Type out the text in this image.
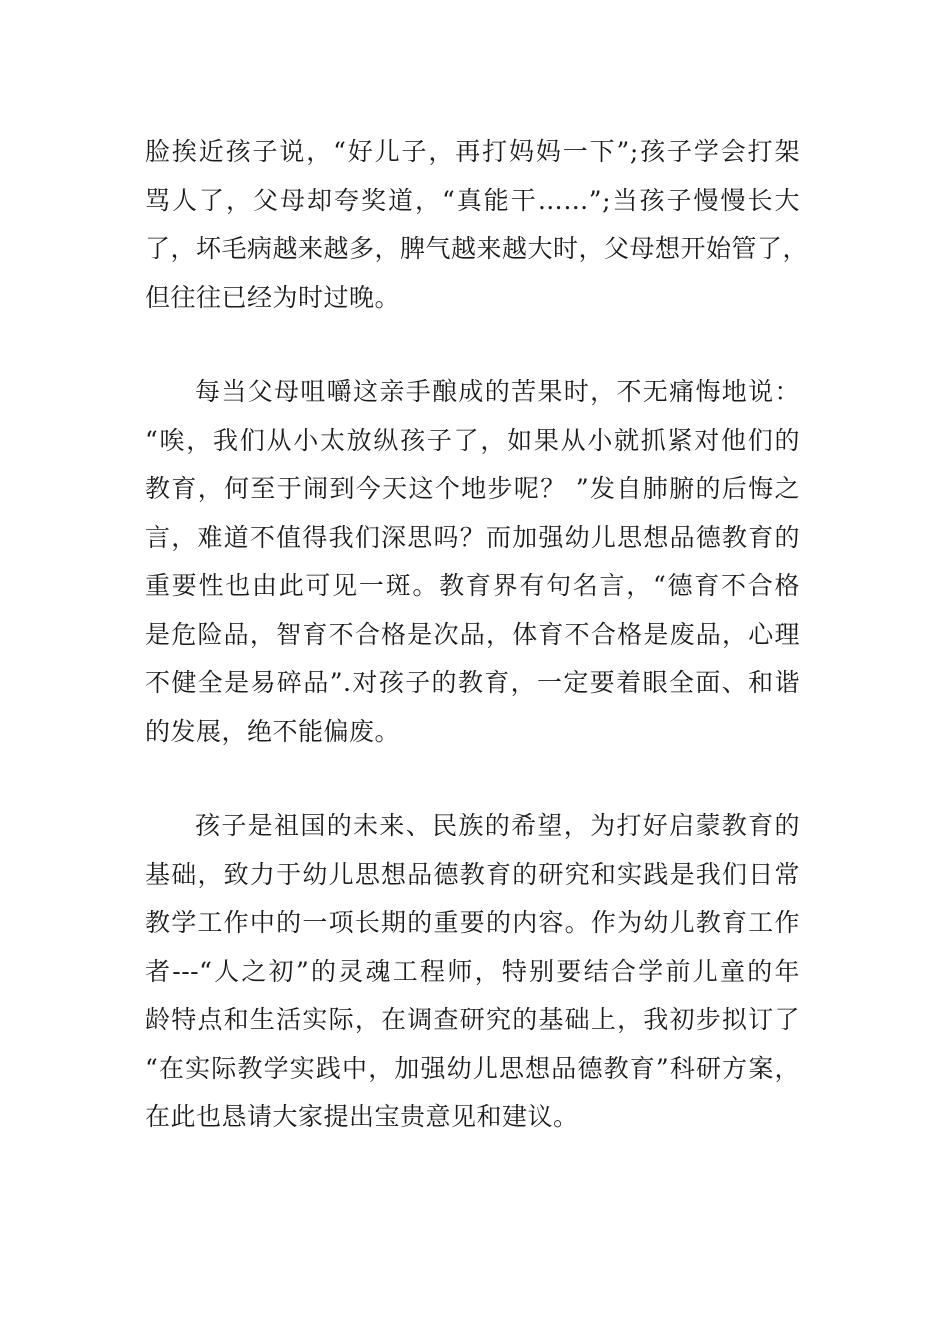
脸挨近孩子说，“好儿子，再打妈妈一下”;孩子学会打架
骂人了，父母却夸奖道，“真能干……”;当孩子慢慢长大
了，坏毛病越来越多，脾气越来越大时，父母想开始管了，
但往往已经为时过晚。
每当父母咀嚼这亲手酿成的苦果时，不无痛悔地说：
“唉，我们从小太放纵孩子了，如果从小就抓紧对他们的
教育，何至于闹到今天这个地步呢？ ”发自肺腑的后悔之
言，难道不值得我们深思吗？而加强幼儿思想品德教育的
重要性也由此可见一斑。教育界有句名言，“德育不合格
是危险品，智育不合格是次品，体育不合格是废品，心理
不健全是易碎品”.对孩子的教育，一定要着眼全面、和谐
的发展，绝不能偏废。
孩子是祖国的未来、民族的希望，为打好启蒙教育的
基础，致力于幼儿思想品德教育的研究和实践是我们日常
教学工作中的一项长期的重要的内容。作为幼儿教育工作
者---“人之初”的灵魂工程师，特别要结合学前儿童的年
龄特点和生活实际，在调查研究的基础上，我初步拟订了
“在实际教学实践中，加强幼儿思想品德教育”科研方案，
在此也恳请大家提出宝贵意见和建议。
